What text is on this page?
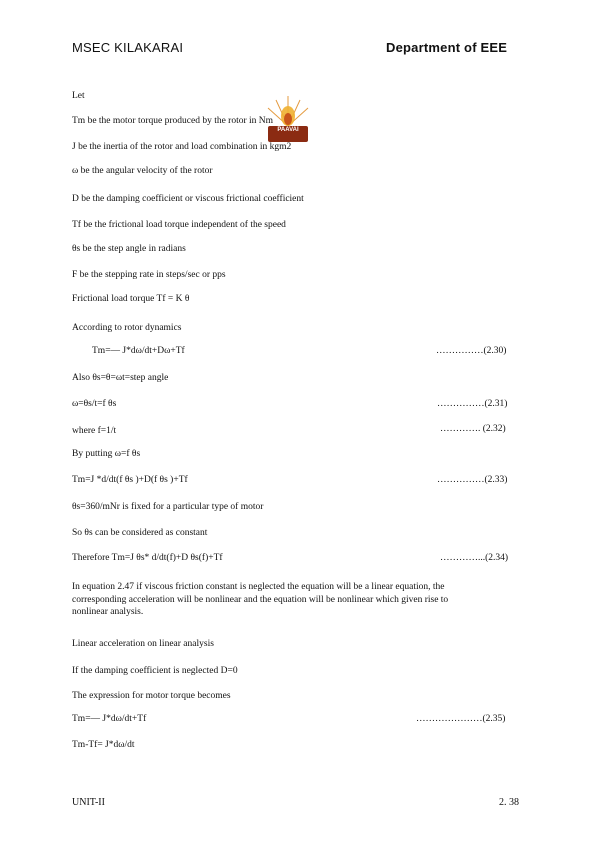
MSEC KILAKARAI	Department of EEE
PAAVAI
Let
Tm be the motor torque produced by the rotor in Nm
J be the inertia of the rotor and load combination in kgm2
ω be the angular velocity of the rotor
D be the damping coefficient or viscous frictional coefficient
Tf be the frictional load torque independent of the speed
θs be the step angle in radians
F be the stepping rate in steps/sec or pps
Frictional load torque Tf = K θ
According to rotor dynamics
Tm=— J*dω/dt+Dω+Tf	……………(2.30)
Also θs=θ=ωt=step angle
ω=θs/t=f θs	……………(2.31)
where f=1/t	…………. (2.32)
By putting ω=f θs
Tm=J *d/dt(f θs )+D(f θs )+Tf	……………(2.33)
θs=360/mNr is fixed for a particular type of motor
So θs can be considered as constant
Therefore Tm=J θs* d/dt(f)+D θs(f)+Tf	…………...(2.34)
In equation 2.47 if viscous friction constant is neglected the equation will be a linear equation, the corresponding acceleration will be nonlinear and the equation will be nonlinear which given rise to nonlinear analysis.
Linear acceleration on linear analysis
If the damping coefficient is neglected D=0
The expression for motor torque becomes
Tm=— J*dω/dt+Tf	…………………(2.35)
Tm-Tf= J*dω/dt
UNIT-II	2. 38
